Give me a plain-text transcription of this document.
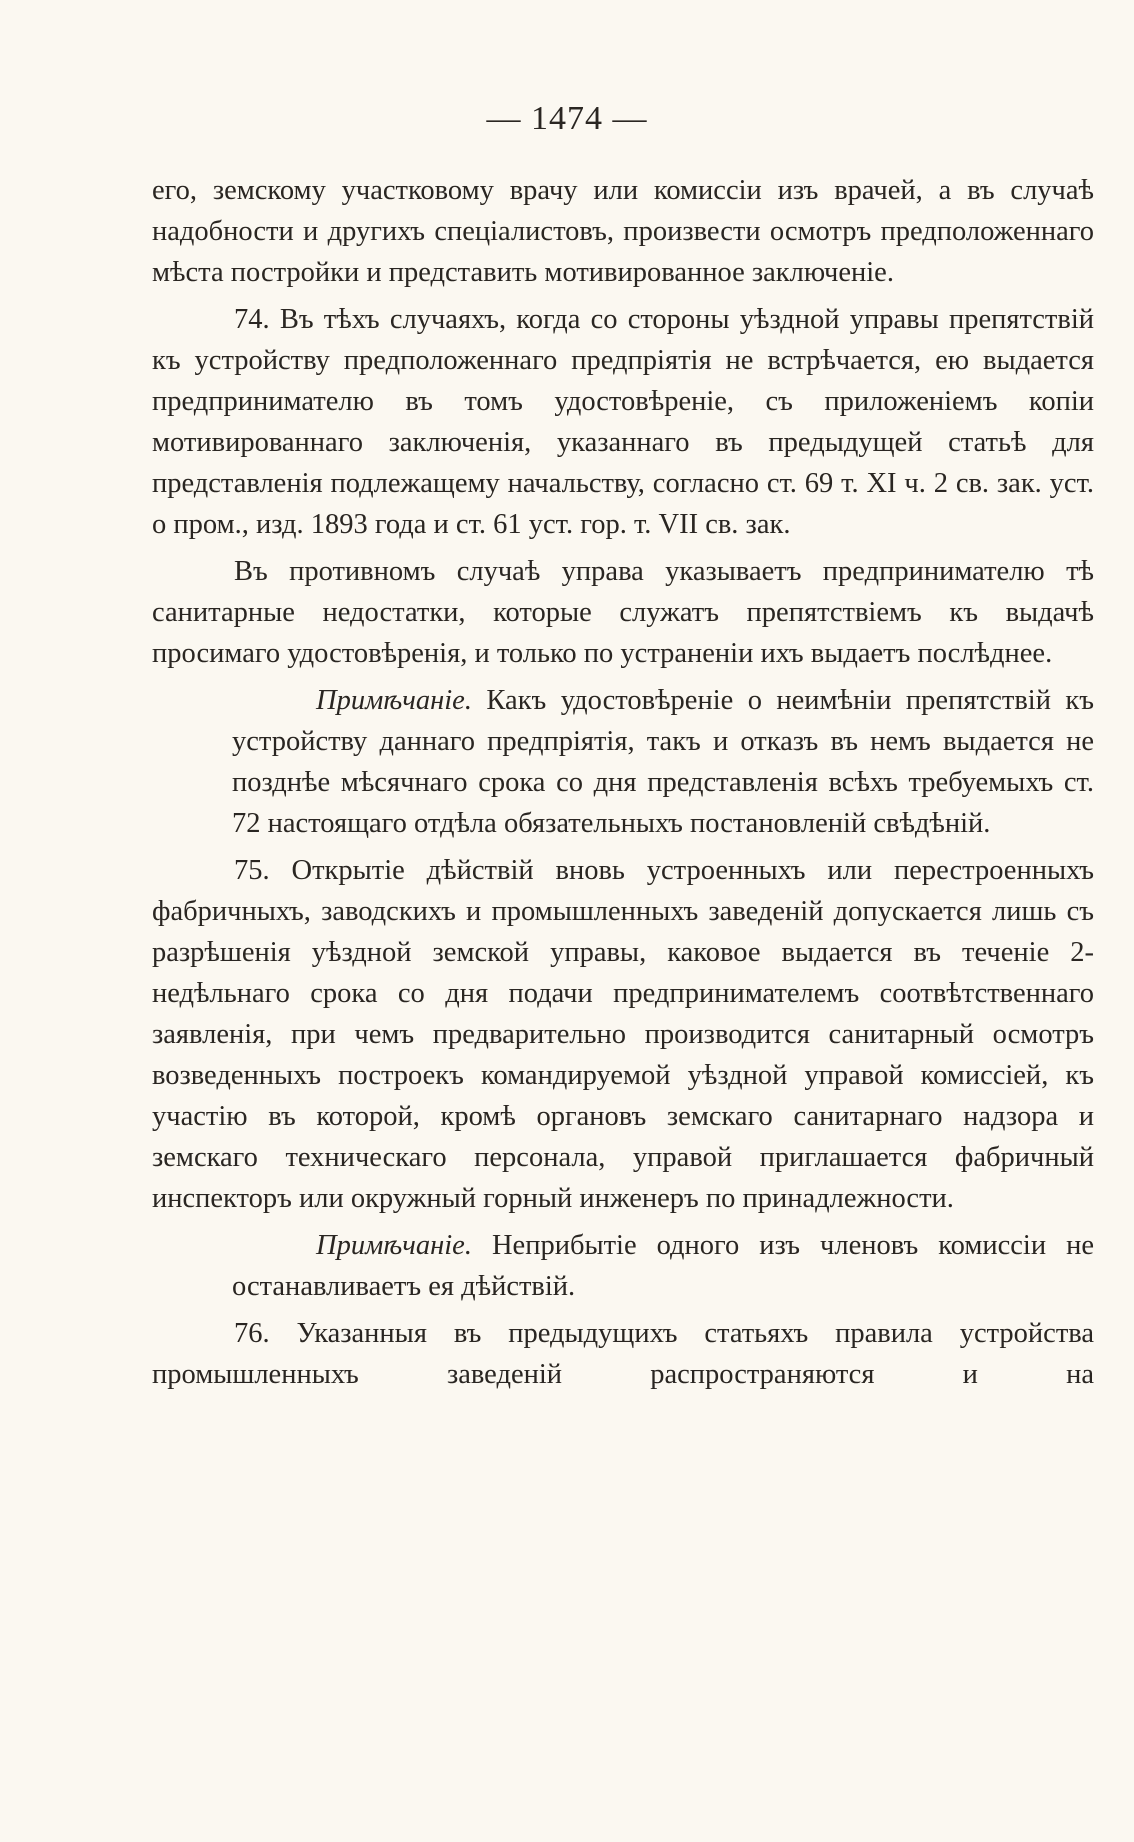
— 1474 —

его, земскому участковому врачу или комиссіи изъ врачей, а въ случаѣ надобности и другихъ спеціалистовъ, произвести осмотръ предположеннаго мѣста постройки и представить мотивированное заключеніе.

74. Въ тѣхъ случаяхъ, когда со стороны уѣздной управы препятствій къ устройству предположеннаго предпріятія не встрѣчается, ею выдается предпринимателю въ томъ удостовѣреніе, съ приложеніемъ копіи мотивированнаго заключенія, указаннаго въ предыдущей статьѣ для представленія подлежащему начальству, согласно ст. 69 т. XI ч. 2 св. зак. уст. о пром., изд. 1893 года и ст. 61 уст. гор. т. VII св. зак.

Въ противномъ случаѣ управа указываетъ предпринимателю тѣ санитарные недостатки, которые служатъ препятствіемъ къ выдачѣ просимаго удостовѣренія, и только по устраненіи ихъ выдаетъ послѣднее.

Примѣчаніе. Какъ удостовѣреніе о неимѣніи препятствій къ устройству даннаго предпріятія, такъ и отказъ въ немъ выдается не позднѣе мѣсячнаго срока со дня представленія всѣхъ требуемыхъ ст. 72 настоящаго отдѣла обязательныхъ постановленій свѣдѣній.

75. Открытіе дѣйствій вновь устроенныхъ или перестроенныхъ фабричныхъ, заводскихъ и промышленныхъ заведеній допускается лишь съ разрѣшенія уѣздной земской управы, каковое выдается въ теченіе 2-недѣльнаго срока со дня подачи предпринимателемъ соотвѣтственнаго заявленія, при чемъ предварительно производится санитарный осмотръ возведенныхъ построекъ командируемой уѣздной управой комиссіей, къ участію въ которой, кромѣ органовъ земскаго санитарнаго надзора и земскаго техническаго персонала, управой приглашается фабричный инспекторъ или окружный горный инженеръ по принадлежности.

Примѣчаніе. Неприбытіе одного изъ членовъ комиссіи не останавливаетъ ея дѣйствій.

76. Указанныя въ предыдущихъ статьяхъ правила устройства промышленныхъ заведеній распространяются и на
